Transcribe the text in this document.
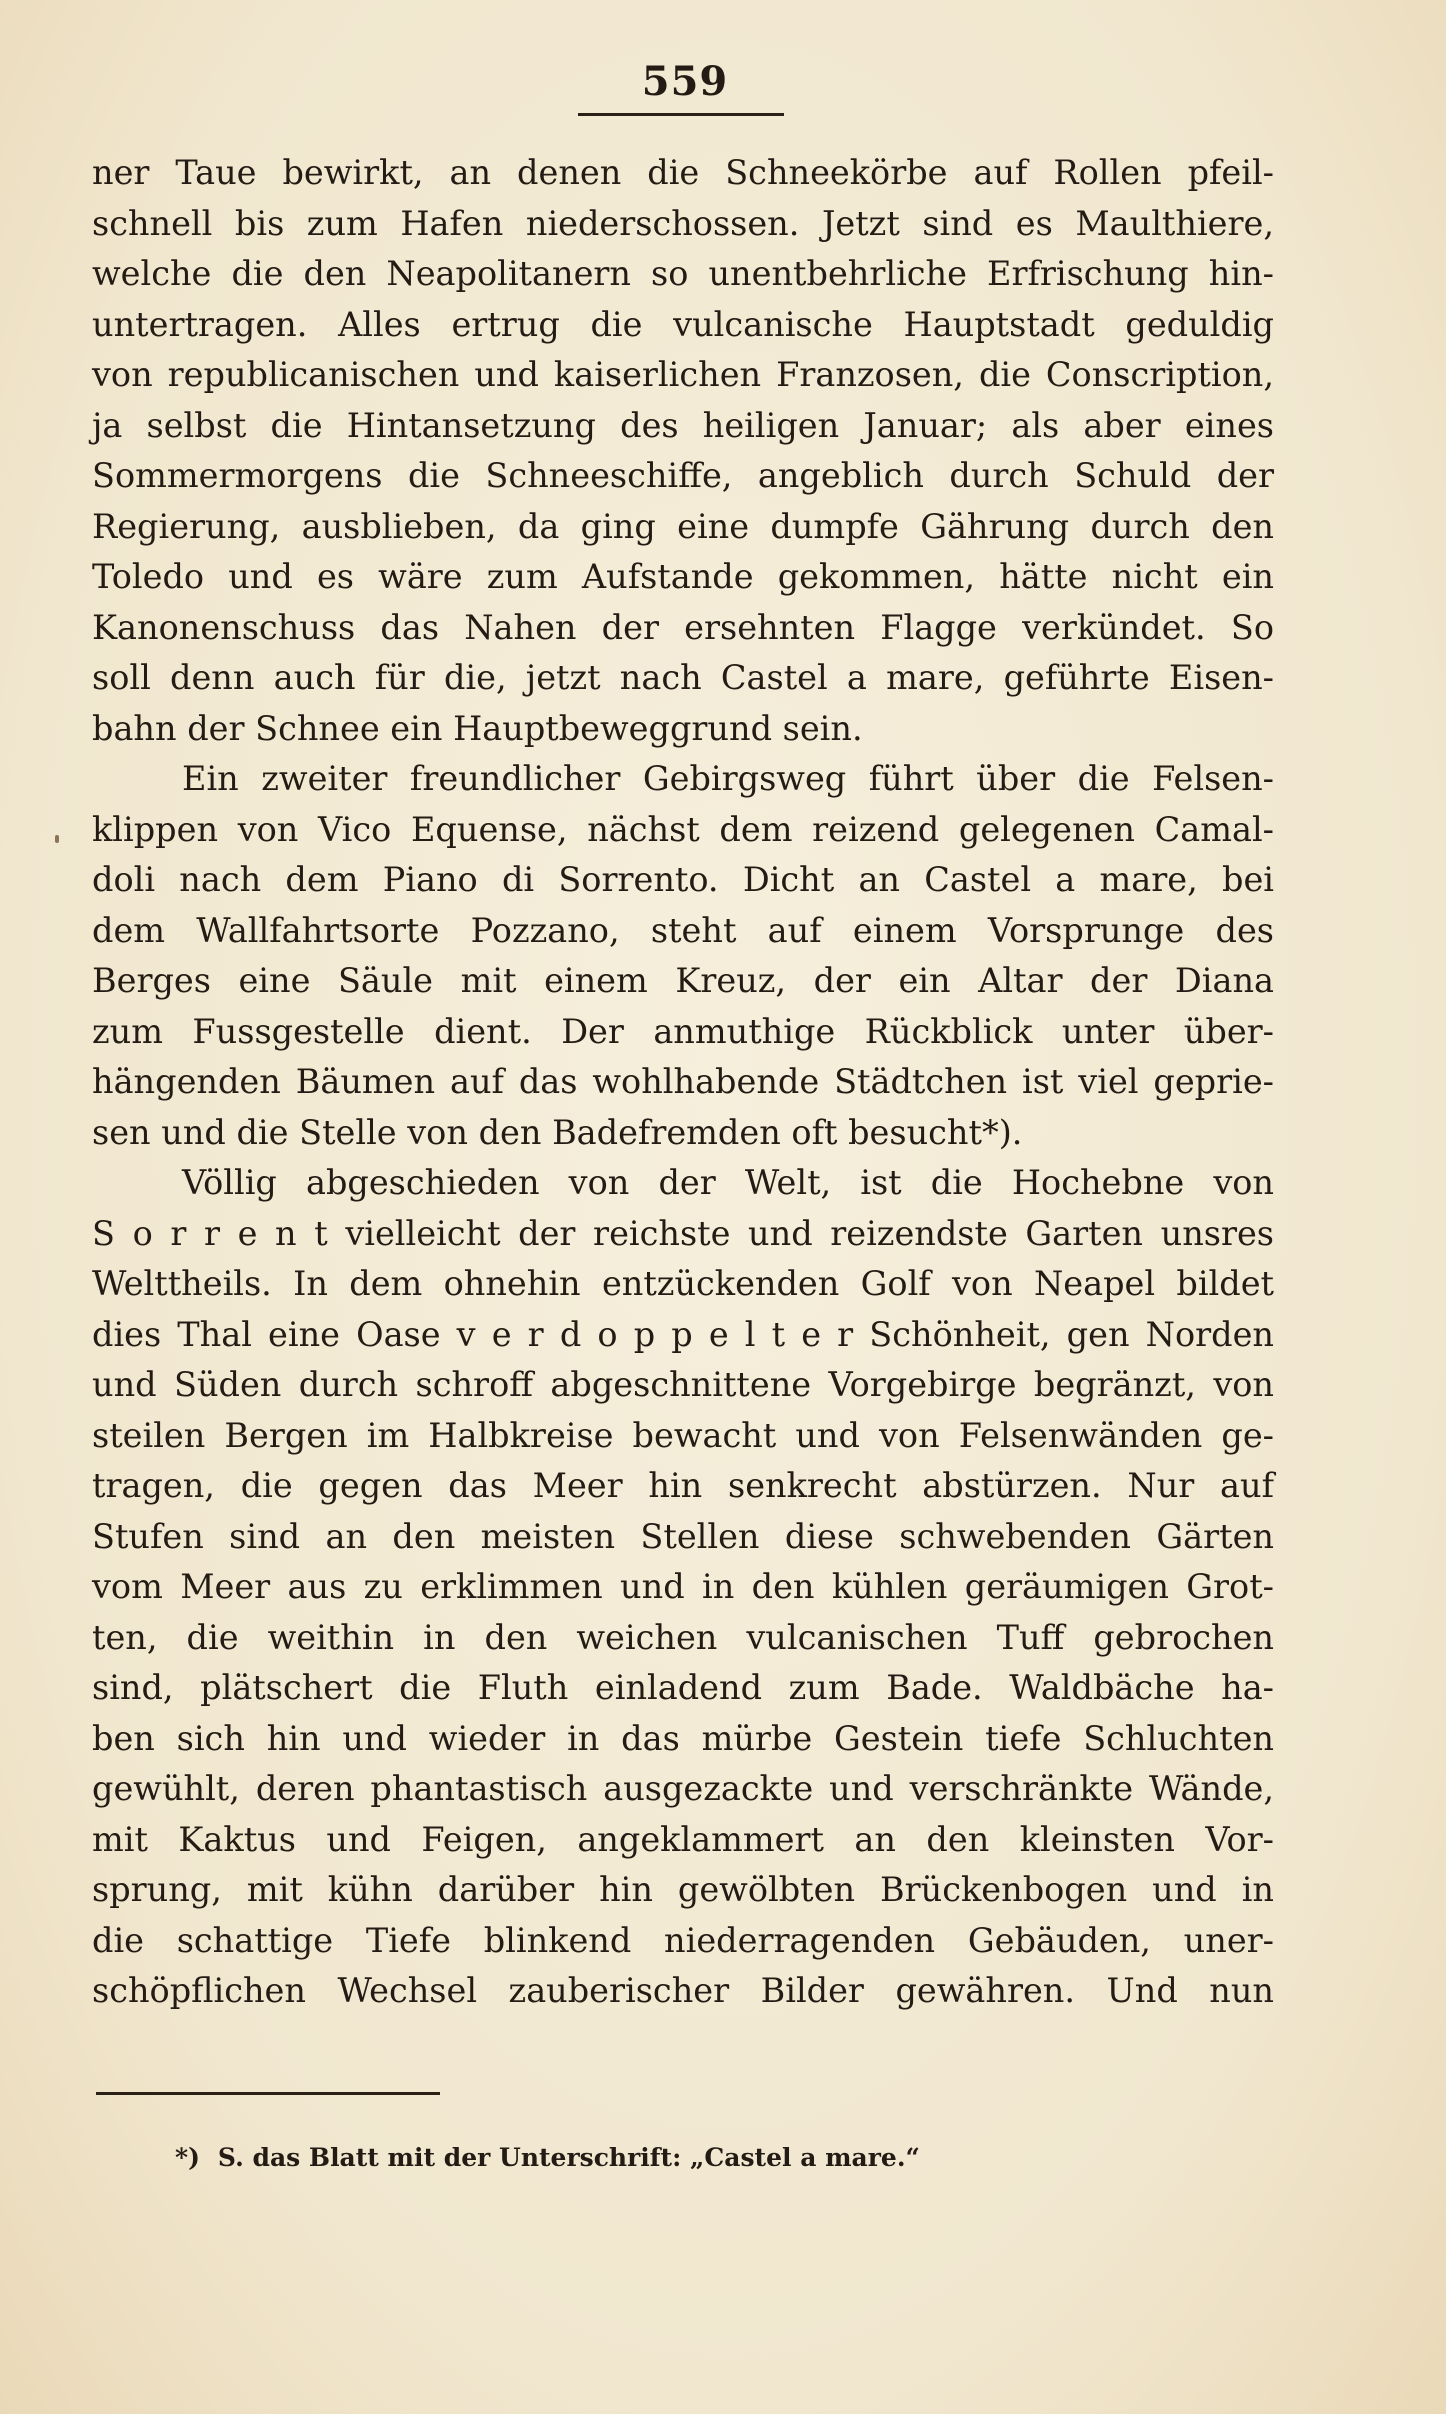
559
ner Taue bewirkt, an denen die Schneekörbe auf Rollen pfeil-
schnell bis zum Hafen niederschossen. Jetzt sind es Maulthiere,
welche die den Neapolitanern so unentbehrliche Erfrischung hin-
untertragen. Alles ertrug die vulcanische Hauptstadt geduldig
von republicanischen und kaiserlichen Franzosen, die Conscription,
ja selbst die Hintansetzung des heiligen Januar; als aber eines
Sommermorgens die Schneeschiffe, angeblich durch Schuld der
Regierung, ausblieben, da ging eine dumpfe Gährung durch den
Toledo und es wäre zum Aufstande gekommen, hätte nicht ein
Kanonenschuss das Nahen der ersehnten Flagge verkündet. So
soll denn auch für die, jetzt nach Castel a mare, geführte Eisen-
bahn der Schnee ein Hauptbeweggrund sein.
Ein zweiter freundlicher Gebirgsweg führt über die Felsen-
klippen von Vico Equense, nächst dem reizend gelegenen Camal-
doli nach dem Piano di Sorrento. Dicht an Castel a mare, bei
dem Wallfahrtsorte Pozzano, steht auf einem Vorsprunge des
Berges eine Säule mit einem Kreuz, der ein Altar der Diana
zum Fussgestelle dient. Der anmuthige Rückblick unter über-
hängenden Bäumen auf das wohlhabende Städtchen ist viel geprie-
sen und die Stelle von den Badefremden oft besucht*).
Völlig abgeschieden von der Welt, ist die Hochebne von
S o r r e n t vielleicht der reichste und reizendste Garten unsres
Welttheils. In dem ohnehin entzückenden Golf von Neapel bildet
dies Thal eine Oase v e r d o p p e l t e r Schönheit, gen Norden
und Süden durch schroff abgeschnittene Vorgebirge begränzt, von
steilen Bergen im Halbkreise bewacht und von Felsenwänden ge-
tragen, die gegen das Meer hin senkrecht abstürzen. Nur auf
Stufen sind an den meisten Stellen diese schwebenden Gärten
vom Meer aus zu erklimmen und in den kühlen geräumigen Grot-
ten, die weithin in den weichen vulcanischen Tuff gebrochen
sind, plätschert die Fluth einladend zum Bade. Waldbäche ha-
ben sich hin und wieder in das mürbe Gestein tiefe Schluchten
gewühlt, deren phantastisch ausgezackte und verschränkte Wände,
mit Kaktus und Feigen, angeklammert an den kleinsten Vor-
sprung, mit kühn darüber hin gewölbten Brückenbogen und in
die schattige Tiefe blinkend niederragenden Gebäuden, uner-
schöpflichen Wechsel zauberischer Bilder gewähren. Und nun
*) S. das Blatt mit der Unterschrift: „Castel a mare.“
